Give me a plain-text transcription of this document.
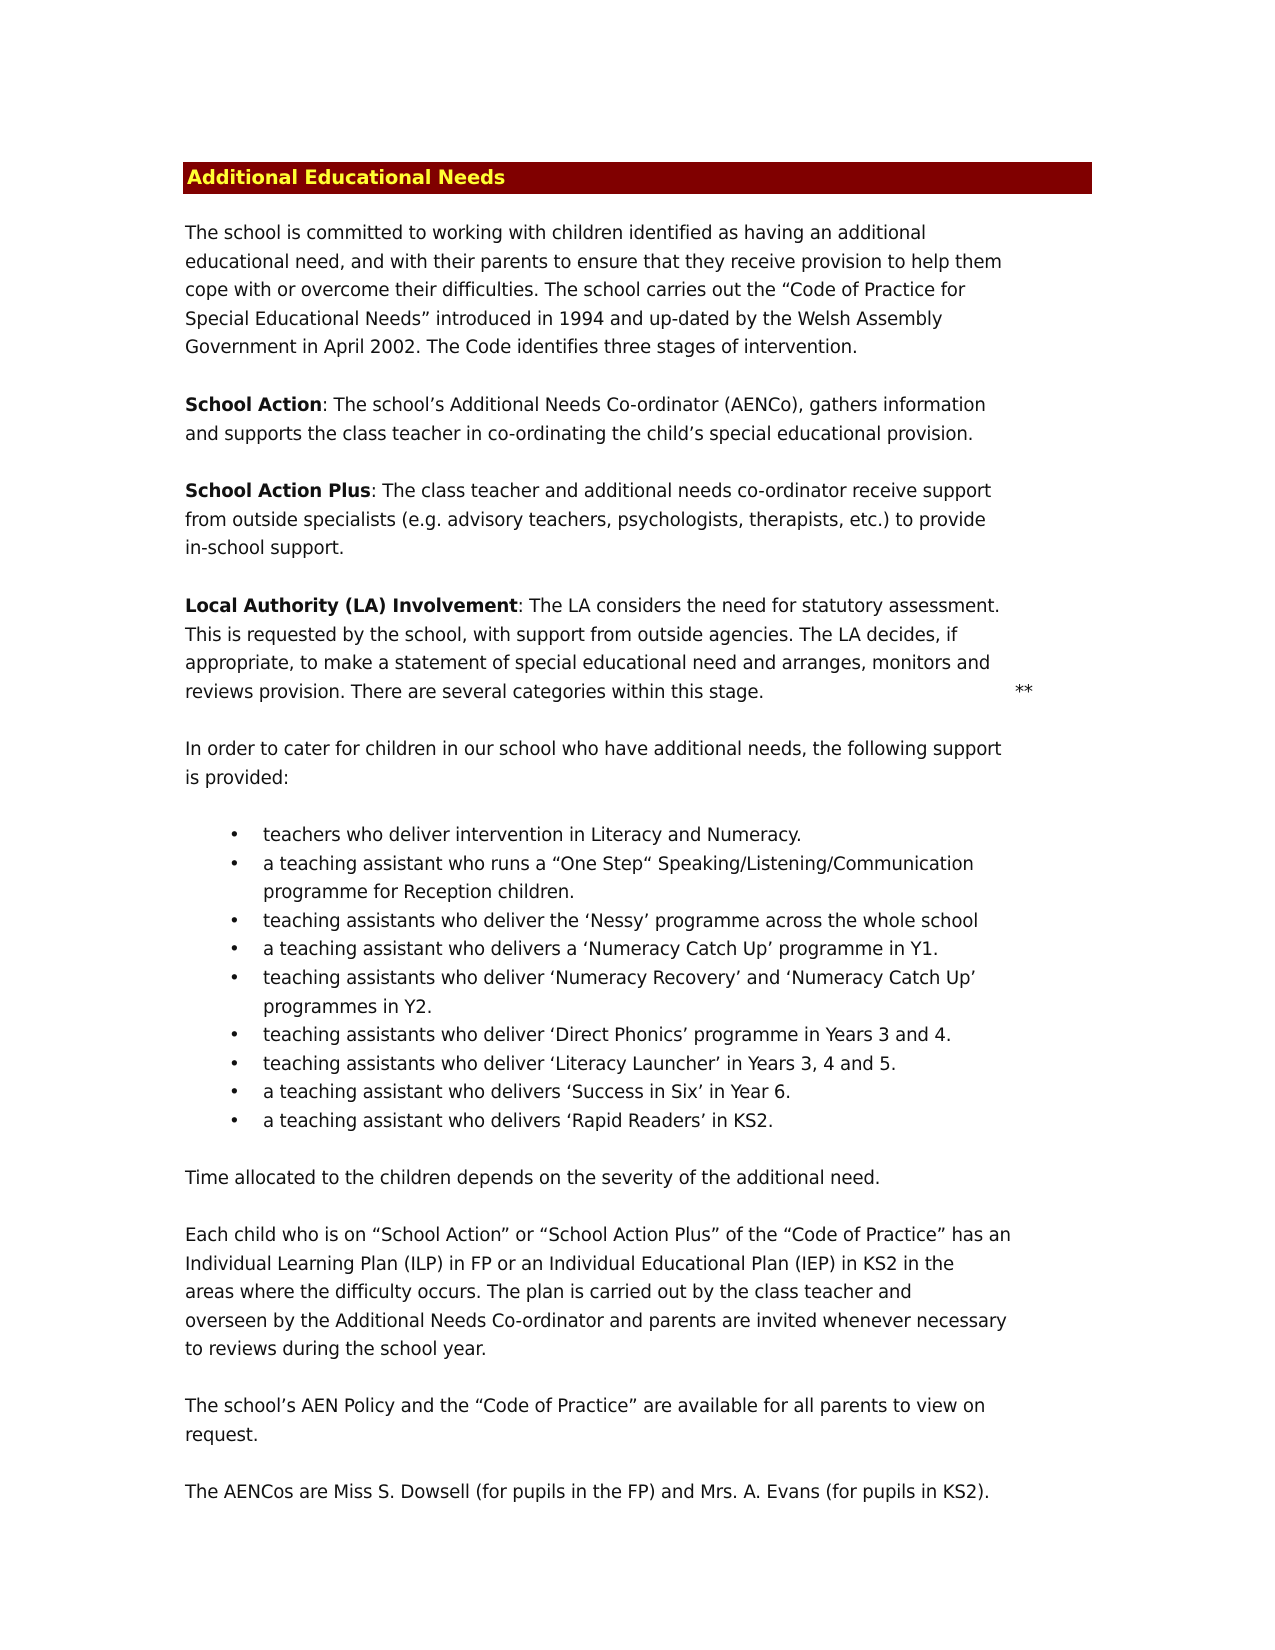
Additional Educational Needs

The school is committed to working with children identified as having an additional
educational need, and with their parents to ensure that they receive provision to help them
cope with or overcome their difficulties. The school carries out the “Code of Practice for
Special Educational Needs” introduced in 1994 and up-dated by the Welsh Assembly
Government in April 2002. The Code identifies three stages of intervention.

School Action: The school’s Additional Needs Co-ordinator (AENCo), gathers information
and supports the class teacher in co-ordinating the child’s special educational provision.

School Action Plus: The class teacher and additional needs co-ordinator receive support
from outside specialists (e.g. advisory teachers, psychologists, therapists, etc.) to provide
in-school support.

Local Authority (LA) Involvement: The LA considers the need for statutory assessment.
This is requested by the school, with support from outside agencies. The LA decides, if
appropriate, to make a statement of special educational need and arranges, monitors and
reviews provision. There are several categories within this stage.	**

In order to cater for children in our school who have additional needs, the following support
is provided:

• teachers who deliver intervention in Literacy and Numeracy.
• a teaching assistant who runs a “One Step“ Speaking/Listening/Communication
programme for Reception children.
• teaching assistants who deliver the ‘Nessy’ programme across the whole school
• a teaching assistant who delivers a ‘Numeracy Catch Up’ programme in Y1.
• teaching assistants who deliver ‘Numeracy Recovery’ and ‘Numeracy Catch Up’
programmes in Y2.
• teaching assistants who deliver ‘Direct Phonics’ programme in Years 3 and 4.
• teaching assistants who deliver ‘Literacy Launcher’ in Years 3, 4 and 5.
• a teaching assistant who delivers ‘Success in Six’ in Year 6.
• a teaching assistant who delivers ‘Rapid Readers’ in KS2.

Time allocated to the children depends on the severity of the additional need.

Each child who is on “School Action” or “School Action Plus” of the “Code of Practice” has an
Individual Learning Plan (ILP) in FP or an Individual Educational Plan (IEP) in KS2 in the
areas where the difficulty occurs. The plan is carried out by the class teacher and
overseen by the Additional Needs Co-ordinator and parents are invited whenever necessary
to reviews during the school year.

The school’s AEN Policy and the “Code of Practice” are available for all parents to view on
request.

The AENCos are Miss S. Dowsell (for pupils in the FP) and Mrs. A. Evans (for pupils in KS2).
